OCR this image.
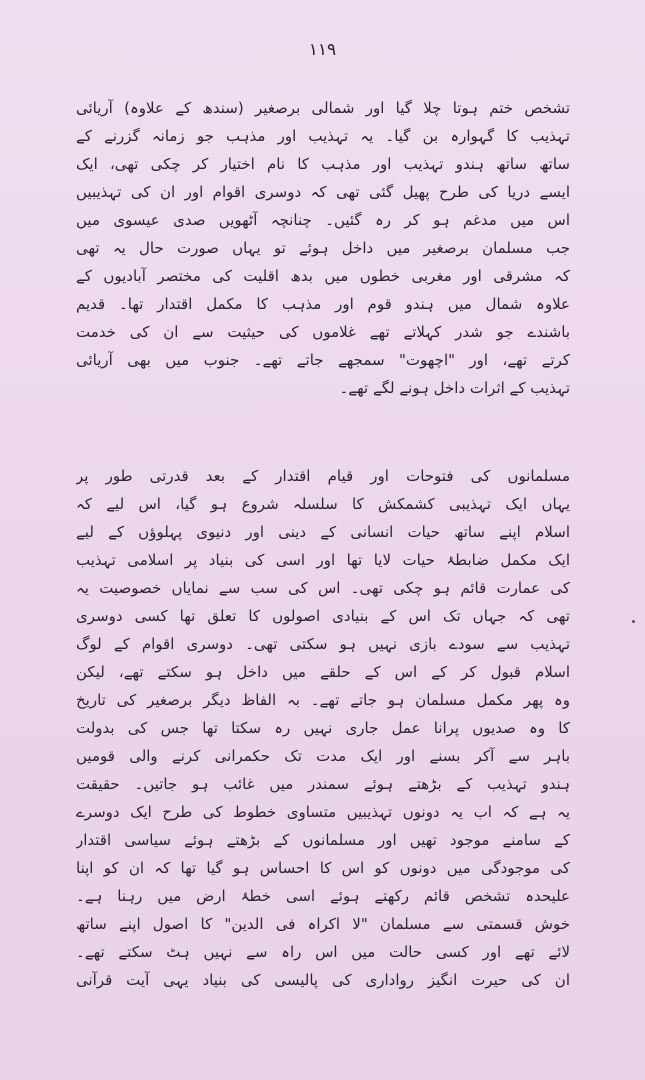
۱۱۹
تشخص ختم ہوتا چلا گیا اور شمالی برصغیر (سندھ کے علاوہ) آریائی
تہذیب کا گہوارہ بن گیا۔ یہ تہذیب اور مذہب جو زمانہ گزرنے کے
ساتھ ساتھ ہندو تہذیب اور مذہب کا نام اختیار کر چکی تھی، ایک
ایسے دریا کی طرح پھیل گئی تھی کہ دوسری اقوام اور ان کی تہذیبیں
اس میں مدغم ہو کر رہ گئیں۔ چنانچہ آٹھویں صدی عیسوی میں
جب مسلمان برصغیر میں داخل ہوئے تو یہاں صورت حال یہ تھی
کہ مشرقی اور مغربی خطوں میں بدھ اقلیت کی مختصر آبادیوں کے
علاوہ شمال میں ہندو قوم اور مذہب کا مکمل اقتدار تھا۔ قدیم
باشندے جو شدر کہلاتے تھے غلاموں کی حیثیت سے ان کی خدمت
کرتے تھے، اور "اچھوت" سمجھے جاتے تھے۔ جنوب میں بھی آریائی
تہذیب کے اثرات داخل ہونے لگے تھے۔
مسلمانوں کی فتوحات اور قیام اقتدار کے بعد قدرتی طور پر
یہاں ایک تہذیبی کشمکش کا سلسلہ شروع ہو گیا، اس لیے کہ
اسلام اپنے ساتھ حیات انسانی کے دینی اور دنیوی پہلوؤں کے لیے
ایک مکمل ضابطۂ حیات لایا تھا اور اسی کی بنیاد پر اسلامی تہذیب
کی عمارت قائم ہو چکی تھی۔ اس کی سب سے نمایاں خصوصیت یہ
تھی کہ جہاں تک اس کے بنیادی اصولوں کا تعلق تھا کسی دوسری
تہذیب سے سودے بازی نہیں ہو سکتی تھی۔ دوسری اقوام کے لوگ
اسلام قبول کر کے اس کے حلقے میں داخل ہو سکتے تھے، لیکن
وہ پھر مکمل مسلمان ہو جاتے تھے۔ بہ الفاظ دیگر برصغیر کی تاریخ
کا وہ صدیوں پرانا عمل جاری نہیں رہ سکتا تھا جس کی بدولت
باہر سے آکر بسنے اور ایک مدت تک حکمرانی کرنے والی قومیں
ہندو تہذیب کے بڑھتے ہوئے سمندر میں غائب ہو جاتیں۔ حقیقت
یہ ہے کہ اب یہ دونوں تہذیبیں متساوی خطوط کی طرح ایک دوسرے
کے سامنے موجود تھیں اور مسلمانوں کے بڑھتے ہوئے سیاسی اقتدار
کی موجودگی میں دونوں کو اس کا احساس ہو گیا تھا کہ ان کو اپنا
علیحدہ تشخص قائم رکھتے ہوئے اسی خطۂ ارض میں رہنا ہے۔
خوش قسمتی سے مسلمان "لا اکراہ فی الدین" کا اصول اپنے ساتھ
لائے تھے اور کسی حالت میں اس راہ سے نہیں ہٹ سکتے تھے۔
ان کی حیرت انگیز رواداری کی پالیسی کی بنیاد یہی آیت قرآنی
